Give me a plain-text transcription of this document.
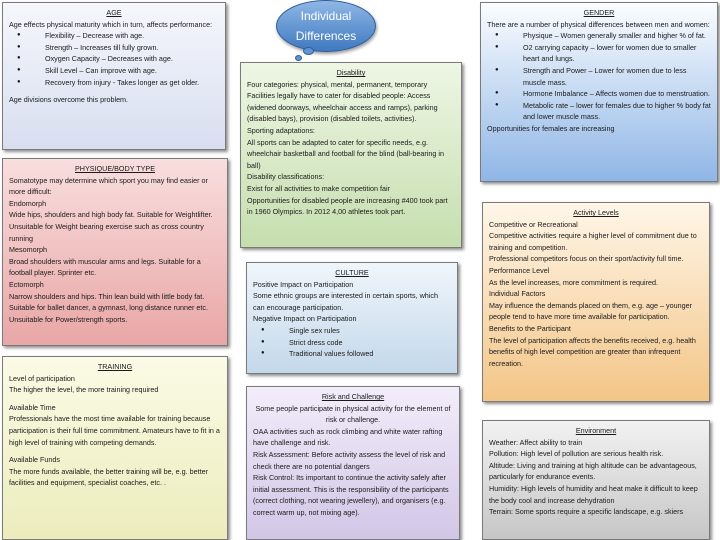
Individual
Differences
AGE

Age effects physical maturity which in turn, affects performance:

● Flexibility – Decrease with age.
● Strength – Increases till fully grown.
● Oxygen Capacity – Decreases with age.
● Skill Level – Can improve with age.
● Recovery from injury - Takes longer as get older.

Age divisions overcome this problem.

PHYSIQUE/BODY TYPE

Somatotype may determine which sport you may find easier or more difficult:

Endomorph

Wide hips, shoulders and high body fat. Suitable for Weightlifter. Unsuitable for Weight bearing exercise such as cross country running

Mesomorph

Broad shoulders with muscular arms and legs. Suitable for a football player. Sprinter etc.

Ectomorph

Narrow shoulders and hips. Thin lean build with little body fat. Suitable for ballet dancer, a gymnast, long distance runner etc. Unsuitable for Power/strength sports.

TRAINING

Level of participation

The higher the level, the more training required

Available Time

Professionals have the most time available for training because participation is their full time commitment. Amateurs have to fit in a high level of training with competing demands.

Available Funds

The more funds available, the better training will be, e.g. better facilities and equipment, specialist coaches, etc. .

Disability

Four categories: physical, mental, permanent, temporary

Facilities legally have to cater for disabled people: Access (widened doorways, wheelchair access and ramps), parking (disabled bays), provision (disabled toilets, activities).

Sporting adaptations:

All sports can be adapted to cater for specific needs, e.g. wheelchair basketball and football for the blind (ball-bearing in ball)

Disability classifications:

Exist for all activities to make competition fair

Opportunities for disabled people are increasing #400 took part in 1960 Olympics. In 2012 4,00 athletes took part.

CULTURE

Positive Impact on Participation

Some ethnic groups are interested in certain sports, which can encourage participation.

Negative Impact on Participation

● Single sex rules
● Strict dress code
● Traditional values followed
Risk and Challenge

Some people participate in physical activity for the element of risk or challenge.

OAA activities such as rock climbing and white water rafting have challenge and risk.

Risk Assessment: Before activity assess the level of risk and check there are no potential dangers

Risk Control: Its important to continue the activity safely after initial assessment. This is the responsibility of the participants (correct clothing, not wearing jewellery), and organisers (e.g. correct warm up, not mixing age).

GENDER

There are a number of physical differences between men and women:

● Physique – Women generally smaller and higher % of fat.
● O2 carrying capacity – lower for women due to smaller heart and lungs.
● Strength and Power – Lower for women due to less muscle mass.
● Hormone Imbalance – Affects women due to menstruation.
● Metabolic rate – lower for females due to higher % body fat and lower muscle mass.

Opportunities for females are increasing

Activity Levels

Competitive or Recreational

Competitive activities require a higher level of commitment due to training and competition.

Professional competitors focus on their sport/activity full time.

Performance Level

As the level increases, more commitment is required.

Individual Factors

May influence the demands placed on them, e.g. age – younger people tend to have more time available for participation.

Benefits to the Participant

The level of participation affects the benefits received, e.g. health benefits of high level competition are greater than infrequent recreation.

Environment

Weather: Affect ability to train

Pollution: High level of pollution are serious health risk.

Altitude: Living and training at high altitude can be advantageous, particularly for endurance events.

Humidity: High levels of humidity and heat make it difficult to keep the body cool and increase dehydration

Terrain: Some sports require a specific landscape, e.g. skiers
